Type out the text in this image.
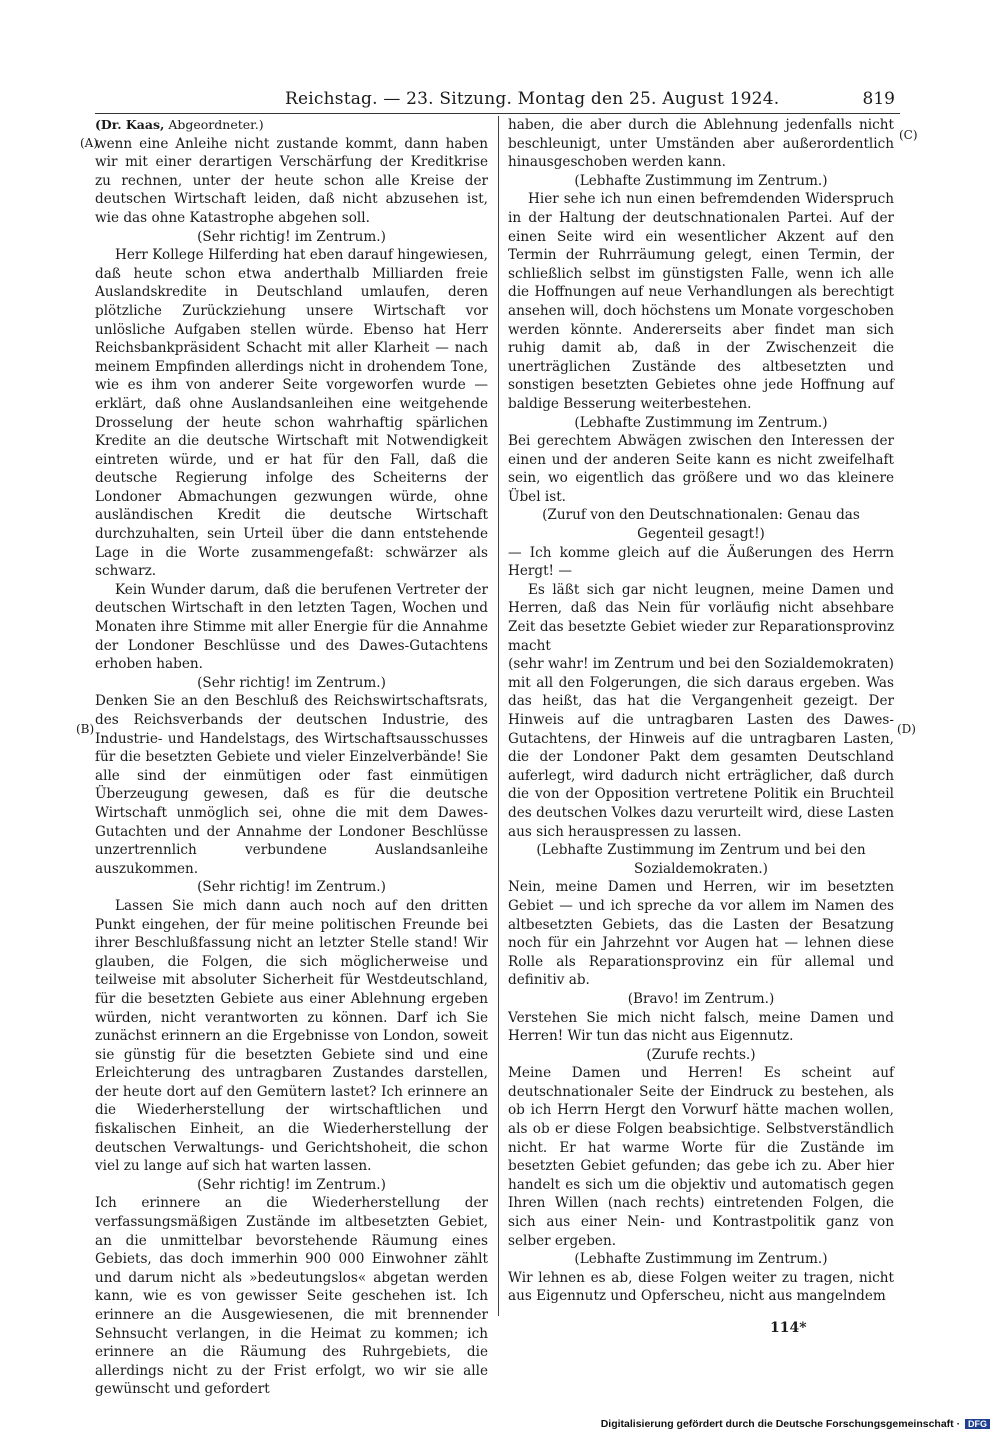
Reichstag. — 23. Sitzung. Montag den 25. August 1924.	819
(A)
(B)
(C)
(D)

(Dr. Kaas, Abgeordneter.)

wenn eine Anleihe nicht zustande kommt, dann haben wir mit einer derartigen Verschärfung der Kreditkrise zu rechnen, unter der heute schon alle Kreise der deutschen Wirtschaft leiden, daß nicht abzusehen ist, wie das ohne Katastrophe abgehen soll.

(Sehr richtig! im Zentrum.)

Herr Kollege Hilferding hat eben darauf hingewiesen, daß heute schon etwa anderthalb Milliarden freie Auslandskredite in Deutschland umlaufen, deren plötzliche Zurückziehung unsere Wirtschaft vor unlösliche Aufgaben stellen würde. Ebenso hat Herr Reichsbankpräsident Schacht mit aller Klarheit — nach meinem Empfinden allerdings nicht in drohendem Tone, wie es ihm von anderer Seite vorgeworfen wurde — erklärt, daß ohne Auslandsanleihen eine weitgehende Drosselung der heute schon wahrhaftig spärlichen Kredite an die deutsche Wirtschaft mit Notwendigkeit eintreten würde, und er hat für den Fall, daß die deutsche Regierung infolge des Scheiterns der Londoner Abmachungen gezwungen würde, ohne ausländischen Kredit die deutsche Wirtschaft durchzuhalten, sein Urteil über die dann entstehende Lage in die Worte zusammengefaßt: schwärzer als schwarz.

Kein Wunder darum, daß die berufenen Vertreter der deutschen Wirtschaft in den letzten Tagen, Wochen und Monaten ihre Stimme mit aller Energie für die Annahme der Londoner Beschlüsse und des Dawes-Gutachtens erhoben haben.

(Sehr richtig! im Zentrum.)

Denken Sie an den Beschluß des Reichswirtschaftsrats, des Reichsverbands der deutschen Industrie, des Industrie- und Handelstags, des Wirtschaftsausschusses für die besetzten Gebiete und vieler Einzelverbände! Sie alle sind der einmütigen oder fast einmütigen Überzeugung gewesen, daß es für die deutsche Wirtschaft unmöglich sei, ohne die mit dem Dawes-Gutachten und der Annahme der Londoner Beschlüsse unzertrennlich verbundene Auslandsanleihe auszukommen.

(Sehr richtig! im Zentrum.)

Lassen Sie mich dann auch noch auf den dritten Punkt eingehen, der für meine politischen Freunde bei ihrer Beschlußfassung nicht an letzter Stelle stand! Wir glauben, die Folgen, die sich möglicherweise und teilweise mit absoluter Sicherheit für Westdeutschland, für die besetzten Gebiete aus einer Ablehnung ergeben würden, nicht verantworten zu können. Darf ich Sie zunächst erinnern an die Ergebnisse von London, soweit sie günstig für die besetzten Gebiete sind und eine Erleichterung des untragbaren Zustandes darstellen, der heute dort auf den Gemütern lastet? Ich erinnere an die Wiederherstellung der wirtschaftlichen und fiskalischen Einheit, an die Wiederherstellung der deutschen Verwaltungs- und Gerichtshoheit, die schon viel zu lange auf sich hat warten lassen.

(Sehr richtig! im Zentrum.)

Ich erinnere an die Wiederherstellung der verfassungsmäßigen Zustände im altbesetzten Gebiet, an die unmittelbar bevorstehende Räumung eines Gebiets, das doch immerhin 900 000 Einwohner zählt und darum nicht als »bedeutungslos« abgetan werden kann, wie es von gewisser Seite geschehen ist. Ich erinnere an die Ausgewiesenen, die mit brennender Sehnsucht verlangen, in die Heimat zu kommen; ich erinnere an die Räumung des Ruhrgebiets, die allerdings nicht zu der Frist erfolgt, wo wir sie alle gewünscht und gefordert

haben, die aber durch die Ablehnung jedenfalls nicht beschleunigt, unter Umständen aber außerordentlich hinausgeschoben werden kann.

(Lebhafte Zustimmung im Zentrum.)

Hier sehe ich nun einen befremdenden Widerspruch in der Haltung der deutschnationalen Partei. Auf der einen Seite wird ein wesentlicher Akzent auf den Termin der Ruhrräumung gelegt, einen Termin, der schließlich selbst im günstigsten Falle, wenn ich alle die Hoffnungen auf neue Verhandlungen als berechtigt ansehen will, doch höchstens um Monate vorgeschoben werden könnte. Andererseits aber findet man sich ruhig damit ab, daß in der Zwischenzeit die unerträglichen Zustände des altbesetzten und sonstigen besetzten Gebietes ohne jede Hoffnung auf baldige Besserung weiterbestehen.

(Lebhafte Zustimmung im Zentrum.)

Bei gerechtem Abwägen zwischen den Interessen der einen und der anderen Seite kann es nicht zweifelhaft sein, wo eigentlich das größere und wo das kleinere Übel ist.

(Zuruf von den Deutschnationalen: Genau das Gegenteil gesagt!)

— Ich komme gleich auf die Äußerungen des Herrn Hergt! —

Es läßt sich gar nicht leugnen, meine Damen und Herren, daß das Nein für vorläufig nicht absehbare Zeit das besetzte Gebiet wieder zur Reparationsprovinz macht

(sehr wahr! im Zentrum und bei den Sozialdemokraten)

mit all den Folgerungen, die sich daraus ergeben. Was das heißt, das hat die Vergangenheit gezeigt. Der Hinweis auf die untragbaren Lasten des Dawes-Gutachtens, der Hinweis auf die untragbaren Lasten, die der Londoner Pakt dem gesamten Deutschland auferlegt, wird dadurch nicht erträglicher, daß durch die von der Opposition vertretene Politik ein Bruchteil des deutschen Volkes dazu verurteilt wird, diese Lasten aus sich herauspressen zu lassen.

(Lebhafte Zustimmung im Zentrum und bei den Sozialdemokraten.)

Nein, meine Damen und Herren, wir im besetzten Gebiet — und ich spreche da vor allem im Namen des altbesetzten Gebiets, das die Lasten der Besatzung noch für ein Jahrzehnt vor Augen hat — lehnen diese Rolle als Reparationsprovinz ein für allemal und definitiv ab.

(Bravo! im Zentrum.)

Verstehen Sie mich nicht falsch, meine Damen und Herren! Wir tun das nicht aus Eigennutz.

(Zurufe rechts.)

Meine Damen und Herren! Es scheint auf deutschnationaler Seite der Eindruck zu bestehen, als ob ich Herrn Hergt den Vorwurf hätte machen wollen, als ob er diese Folgen beabsichtige. Selbstverständlich nicht. Er hat warme Worte für die Zustände im besetzten Gebiet gefunden; das gebe ich zu. Aber hier handelt es sich um die objektiv und automatisch gegen Ihren Willen (nach rechts) eintretenden Folgen, die sich aus einer Nein- und Kontrastpolitik ganz von selber ergeben.

(Lebhafte Zustimmung im Zentrum.)

Wir lehnen es ab, diese Folgen weiter zu tragen, nicht aus Eigennutz und Opferscheu, nicht aus mangelndem

114*
Digitalisierung gefördert durch die Deutsche Forschungsgemeinschaft · DFG
